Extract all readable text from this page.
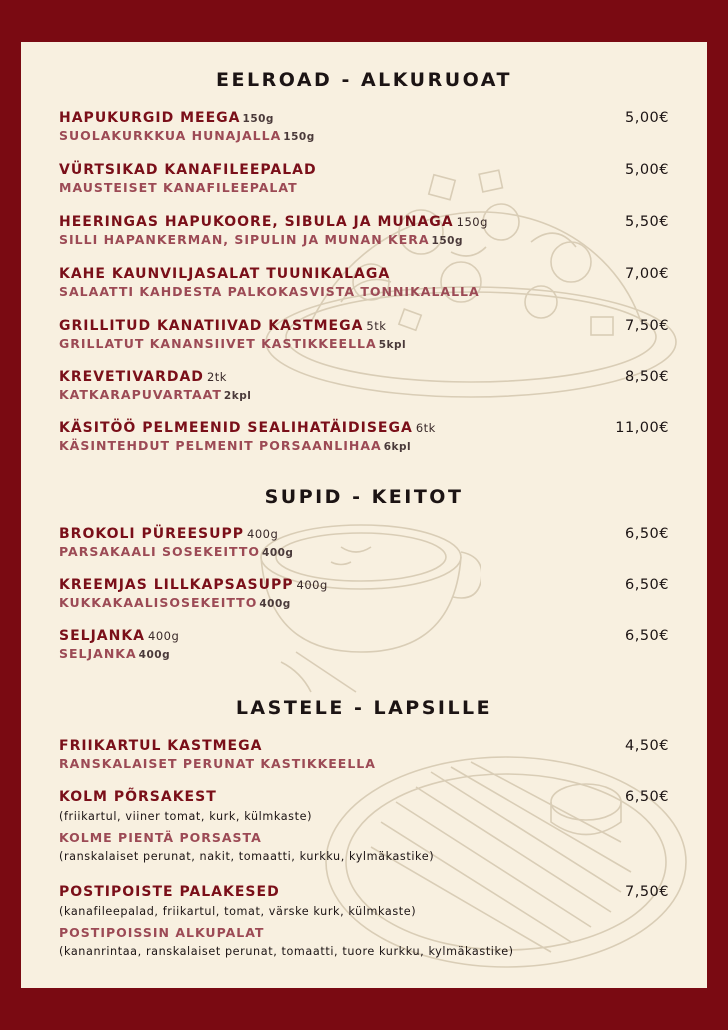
EELROAD - ALKURUOAT
HAPUKURGID MEEGA 150g
SUOLAKURKKUA HUNAJALLA 150g
5,00€
VÜRTSIKAD KANAFILEEPALAD
MAUSTEISET KANAFILEEPALAT
5,00€
HEERINGAS HAPUKOORE, SIBULA JA MUNAGA 150g
SILLI HAPANKERMAN, SIPULIN JA MUNAN KERA 150g
5,50€
KAHE KAUNVILJASALAT TUUNIKALAGA
SALAATTI KAHDESTA PALKOKASVISTA TONNIKALALLA
7,00€
GRILLITUD KANATIIVAD KASTMEGA 5tk
GRILLATUT KANANSIIVET KASTIKKEELLA 5kpl
7,50€
KREVETIVARDAD 2tk
KATKARAPUVARTAAT 2kpl
8,50€
KÄSITÖÖ PELMEENID SEALIHATÄIDISEGA 6tk
KÄSINTEHDUT PELMENIT PORSAANLIHAA 6kpl
11,00€
SUPID - KEITOT
BROKOLI PÜREESUPP 400g
PARSAKAALI SOSEKEITTO 400g
6,50€
KREEMJAS LILLKAPSASUPP 400g
KUKKAKAALISOSEKEITTO 400g
6,50€
SELJANKA 400g
SELJANKA 400g
6,50€
LASTELE - LAPSILLE
FRIIKARTUL KASTMEGA
RANSKALAISET PERUNAT KASTIKKEELLA
4,50€
KOLM PÕRSAKEST
(friikartul, viiner tomat, kurk, külmkaste)
KOLME PIENTÄ PORSASTA
(ranskalaiset perunat, nakit, tomaatti, kurkku, kylmäkastike)
6,50€
POSTIPOISTE PALAKESED
(kanafileepalad, friikartul, tomat, värske kurk, külmkaste)
POSTIPOISSIN ALKUPALAT
(kananrintaa, ranskalaiset perunat, tomaatti, tuore kurkku, kylmäkastike)
7,50€
